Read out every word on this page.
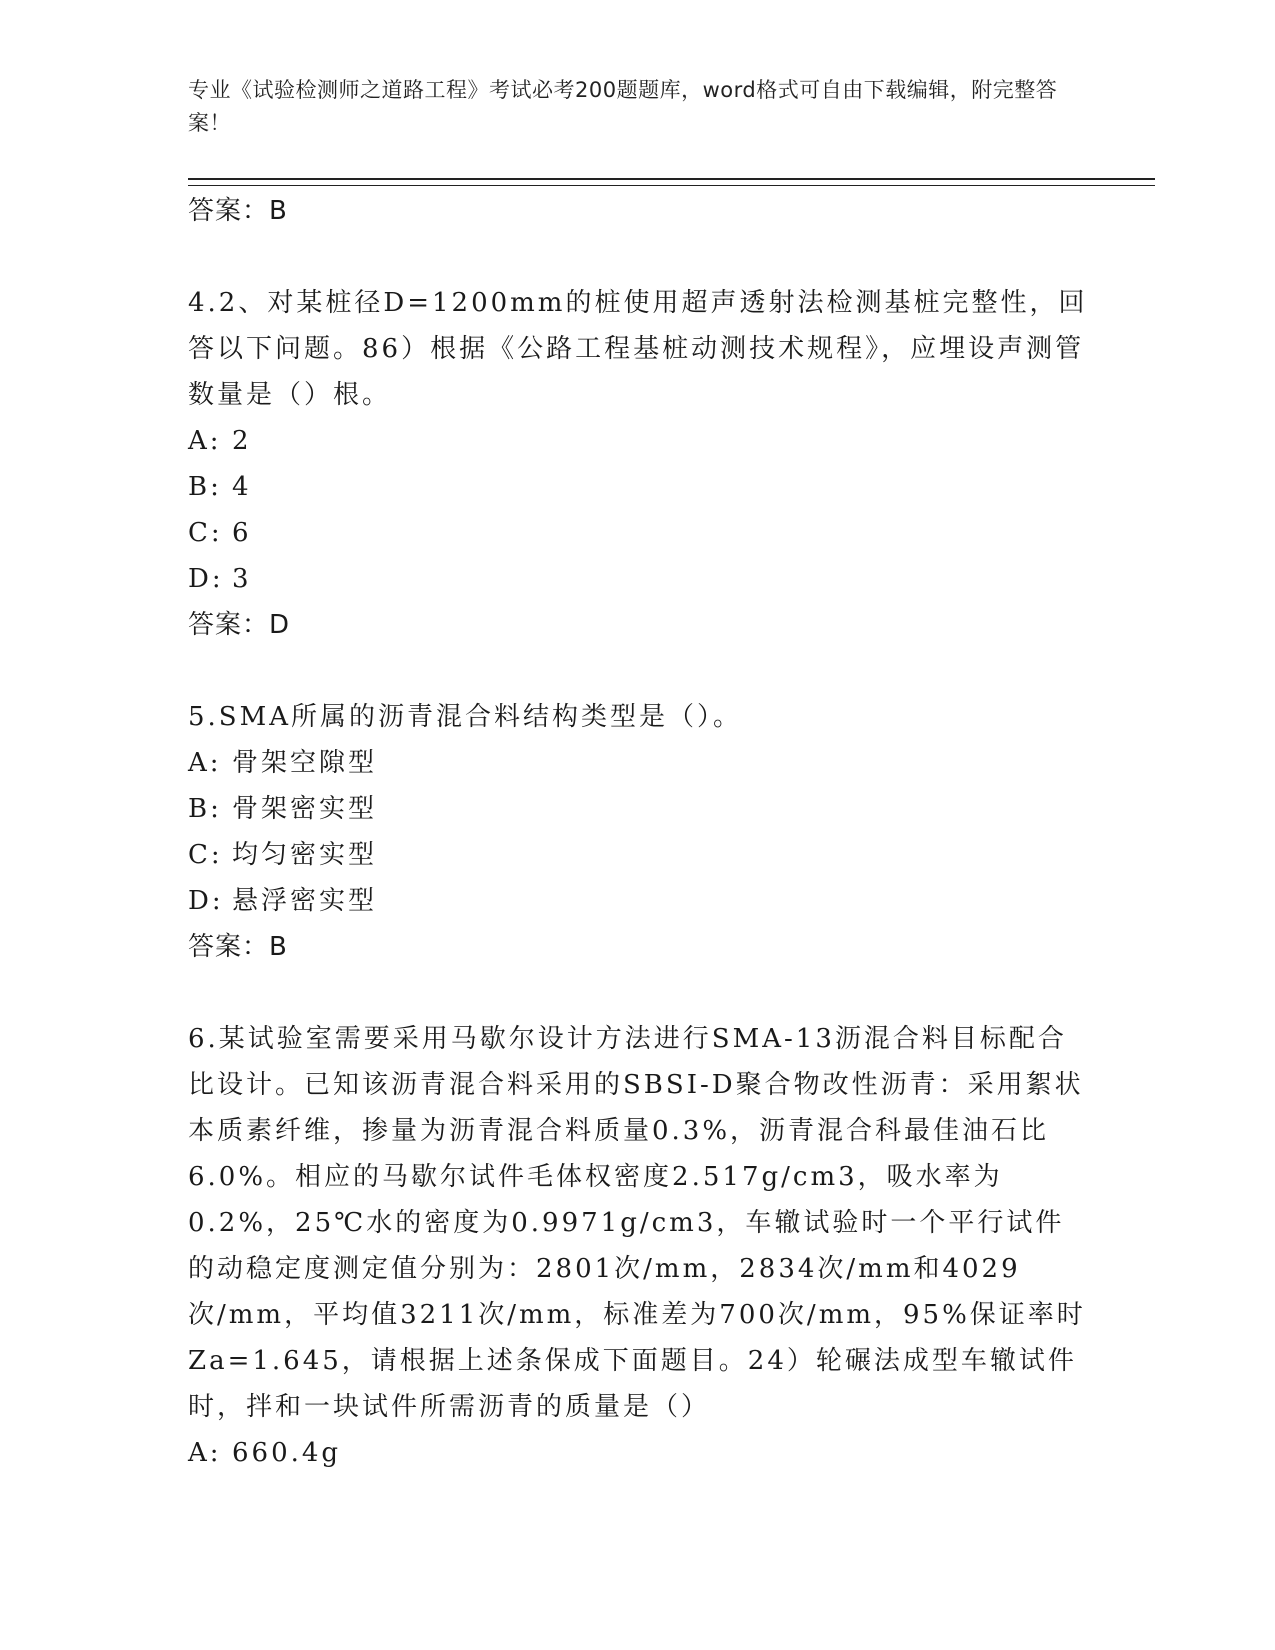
专业《试验检测师之道路工程》考试必考200题题库，word格式可自由下载编辑，附完整答案！
答案：B
4.2、对某桩径D=1200mm的桩使用超声透射法检测基桩完整性，回答以下问题。86）根据《公路工程基桩动测技术规程》，应埋设声测管数量是（）根。
A: 2
B: 4
C: 6
D: 3
答案：D
5.SMA所属的沥青混合料结构类型是（）。
A: 骨架空隙型
B: 骨架密实型
C: 均匀密实型
D: 悬浮密实型
答案：B
6.某试验室需要采用马歇尔设计方法进行SMA-13沥混合料目标配合比设计。已知该沥青混合料采用的SBSI-D聚合物改性沥青：采用絮状本质素纤维，掺量为沥青混合料质量0.3%，沥青混合科最佳油石比6.0%。相应的马歇尔试件毛体权密度2.517g/cm3，吸水率为0.2%，25℃水的密度为0.9971g/cm3，车辙试验时一个平行试件的动稳定度测定值分别为：2801次/mm，2834次/mm和4029次/mm，平均值3211次/mm，标准差为700次/mm，95%保证率时Za=1.645，请根据上述条保成下面题目。24）轮碾法成型车辙试件时，拌和一块试件所需沥青的质量是（）
A: 660.4g
